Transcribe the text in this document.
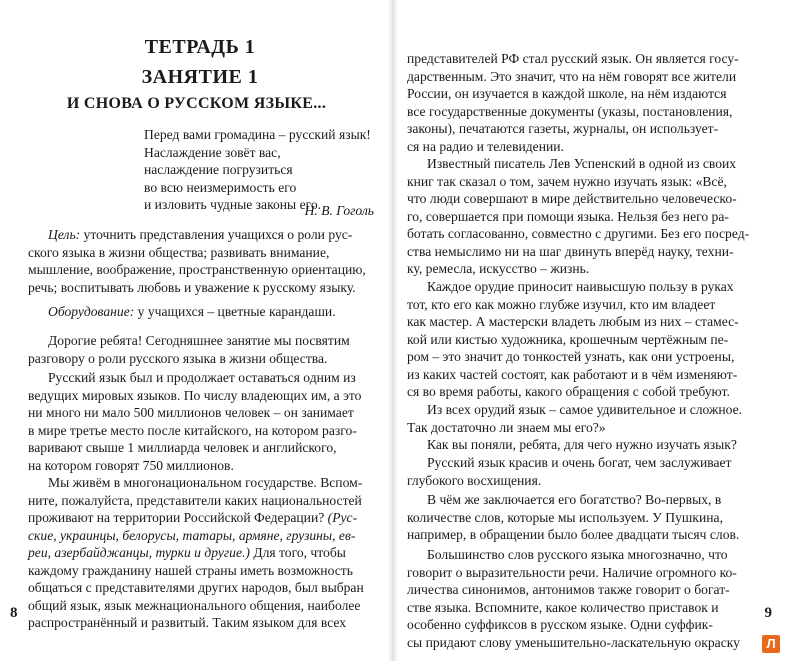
ТЕТРАДЬ 1
ЗАНЯТИЕ 1
И СНОВА О РУССКОМ ЯЗЫКЕ...
Перед вами громадина – русский язык!
Наслаждение зовёт вас,
наслаждение погрузиться
во всю неизмеримость его
и изловить чудные законы его.
Н. В. Гоголь
Цель: уточнить представления учащихся о роли рус-
ского языка в жизни общества; развивать внимание,
мышление, воображение, пространственную ориентацию,
речь; воспитывать любовь и уважение к русскому языку.
Оборудование: у учащихся – цветные карандаши.
Дорогие ребята! Сегодняшнее занятие мы посвятим
разговору о роли русского языка в жизни общества.
Русский язык был и продолжает оставаться одним из
ведущих мировых языков. По числу владеющих им, а это
ни много ни мало 500 миллионов человек – он занимает
в мире третье место после китайского, на котором разго-
варивают свыше 1 миллиарда человек и английского,
на котором говорят 750 миллионов.
Мы живём в многонациональном государстве. Вспом-
ните, пожалуйста, представители каких национальностей
проживают на территории Российской Федерации? (Рус-
ские, украинцы, белорусы, татары, армяне, грузины, ев-
реи, азербайджанцы, турки и другие.) Для того, чтобы
каждому гражданину нашей страны иметь возможность
общаться с представителями других народов, был выбран
общий язык, язык межнационального общения, наиболее
распространённый и развитый. Таким языком для всех
8
представителей РФ стал русский язык. Он является госу-
дарственным. Это значит, что на нём говорят все жители
России, он изучается в каждой школе, на нём издаются
все государственные документы (указы, постановления,
законы), печатаются газеты, журналы, он использует-
ся на радио и телевидении.
Известный писатель Лев Успенский в одной из своих
книг так сказал о том, зачем нужно изучать язык: «Всё,
что люди совершают в мире действительно человеческо-
го, совершается при помощи языка. Нельзя без него ра-
ботать согласованно, совместно с другими. Без его посред-
ства немыслимо ни на шаг двинуть вперёд науку, техни-
ку, ремесла, искусство – жизнь.
Каждое орудие приносит наивысшую пользу в руках
тот, кто его как можно глубже изучил, кто им владеет
как мастер. А мастерски владеть любым из них – стамес-
кой или кистью художника, крошечным чертёжным пе-
ром – это значит до тонкостей узнать, как они устроены,
из каких частей состоят, как работают и в чём изменяют-
ся во время работы, какого обращения с собой требуют.
Из всех орудий язык – самое удивительное и сложное.
Так достаточно ли знаем мы его?»
Как вы поняли, ребята, для чего нужно изучать язык?
Русский язык красив и очень богат, чем заслуживает
глубокого восхищения.
В чём же заключается его богатство? Во-первых, в
количестве слов, которые мы используем. У Пушкина,
например, в обращении было более двадцати тысяч слов.
Большинство слов русского языка многозначно, что
говорит о выразительности речи. Наличие огромного ко-
личества синонимов, антонимов также говорит о богат-
стве языка. Вспомните, какое количество приставок и
особенно суффиксов в русском языке. Одни суффик-
сы придают слову уменьшительно-ласкательную окраску
9
Л
